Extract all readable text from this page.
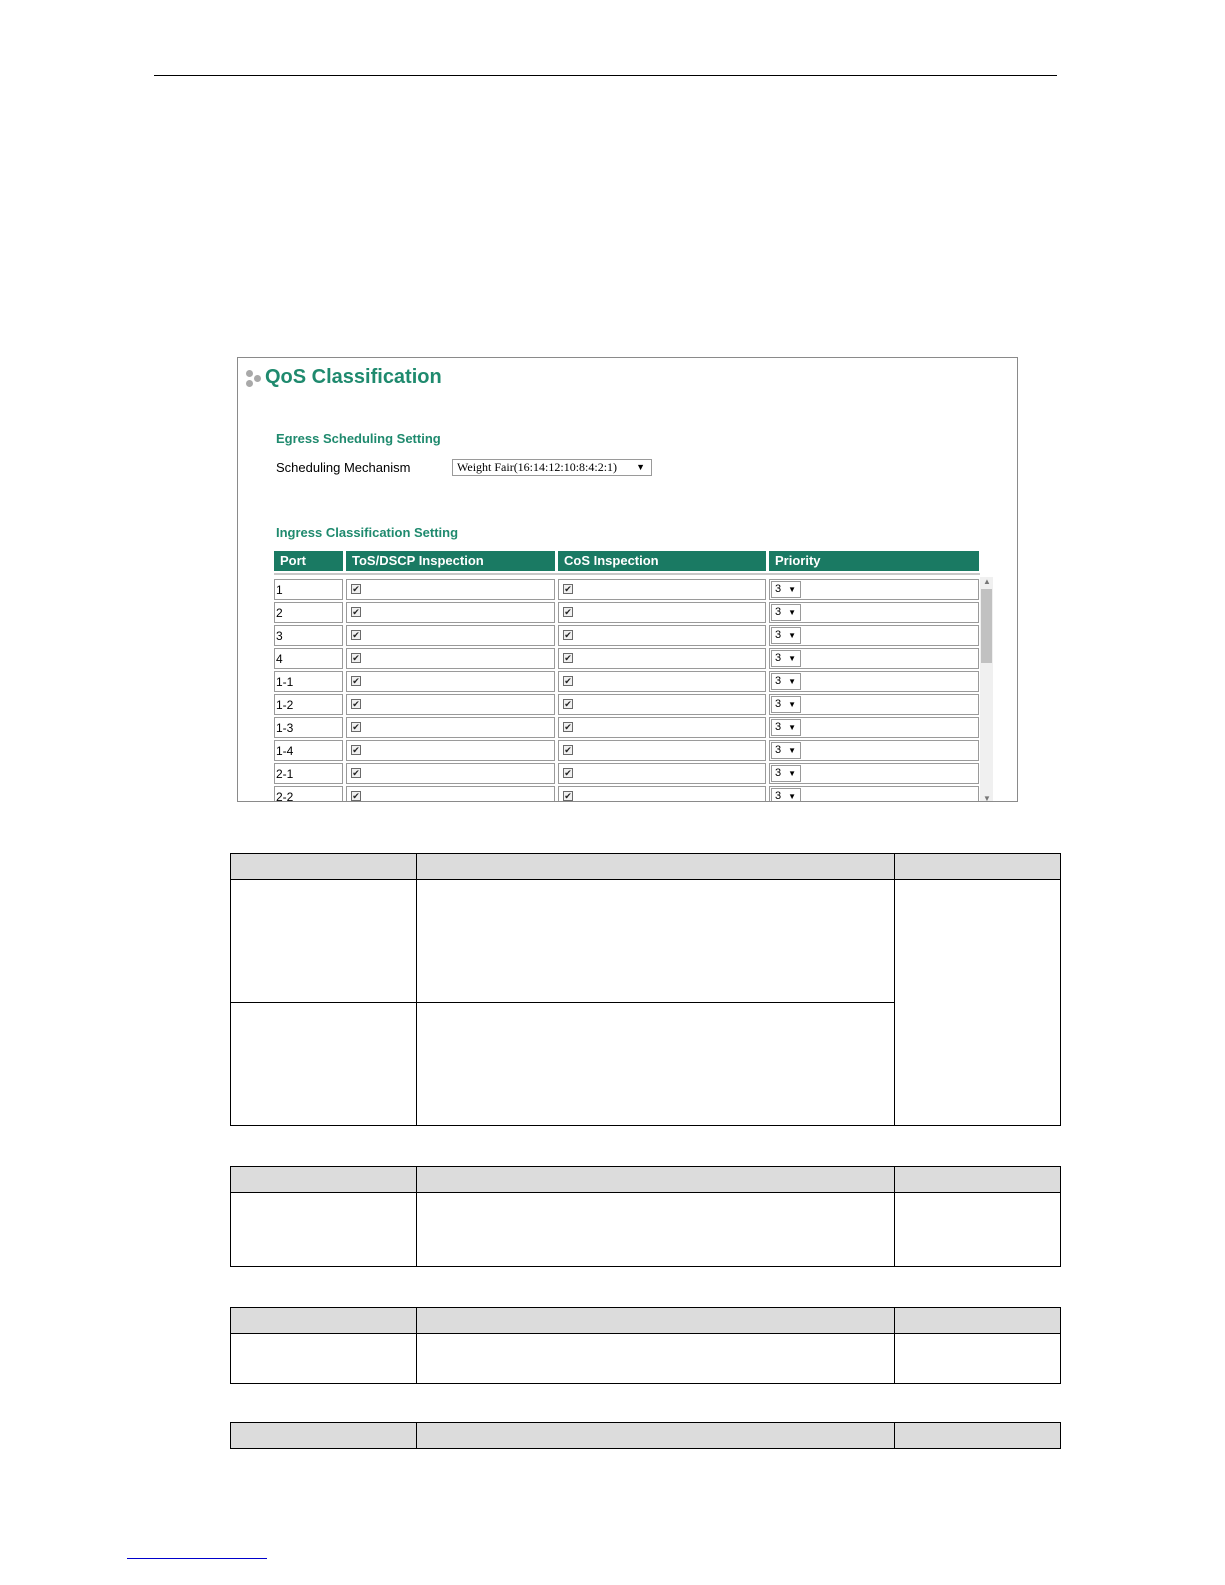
QoS Classification
Egress Scheduling Setting
Scheduling Mechanism	Weight Fair(16:14:12:10:8:4:2:1) ▼
Ingress Classification Setting
Port	ToS/DSCP Inspection	CoS Inspection	Priority
1	✔	✔	3 ▼
2	✔	✔	3 ▼
3	✔	✔	3 ▼
4	✔	✔	3 ▼
1-1	✔	✔	3 ▼
1-2	✔	✔	3 ▼
1-3	✔	✔	3 ▼
1-4	✔	✔	3 ▼
2-1	✔	✔	3 ▼
2-2	✔	✔	3 ▼
▲
▼
